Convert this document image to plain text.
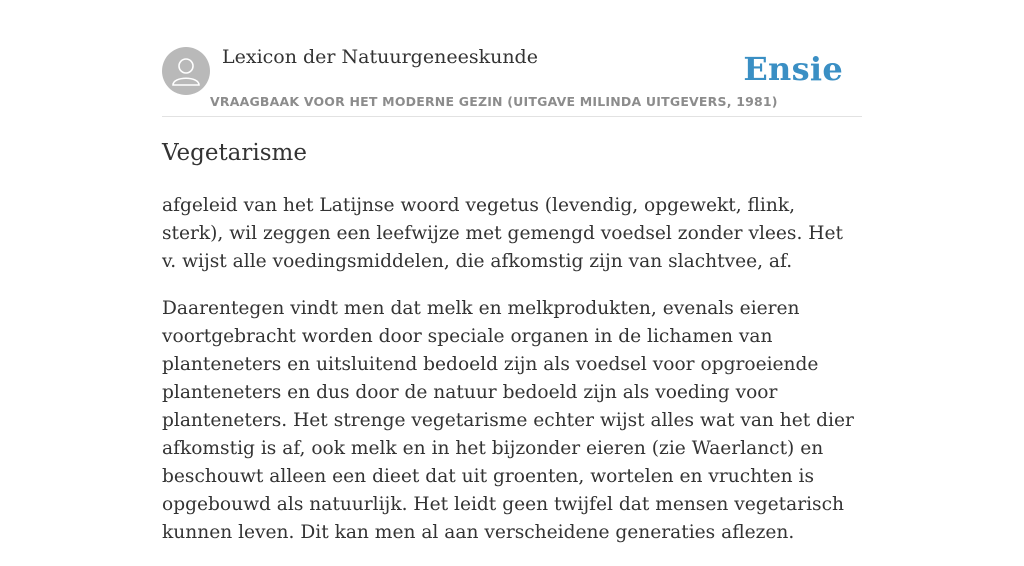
Lexicon der Natuurgeneeskunde
VRAAGBAAK VOOR HET MODERNE GEZIN (UITGAVE MILINDA UITGEVERS, 1981)
Ensie
Vegetarisme

afgeleid van het Latijnse woord vegetus (levendig, opgewekt, flink, sterk), wil zeggen een leefwijze met gemengd voedsel zonder vlees. Het v. wijst alle voedingsmiddelen, die afkomstig zijn van slachtvee, af.

Daarentegen vindt men dat melk en melkprodukten, evenals eieren voortgebracht worden door speciale organen in de lichamen van planteneters en uitsluitend bedoeld zijn als voedsel voor opgroeiende planteneters en dus door de natuur bedoeld zijn als voeding voor planteneters. Het strenge vegetarisme echter wijst alles wat van het dier afkomstig is af, ook melk en in het bijzonder eieren (zie Waerlanct) en beschouwt alleen een dieet dat uit groenten, wortelen en vruchten is opgebouwd als natuurlijk. Het leidt geen twijfel dat mensen vegetarisch kunnen leven. Dit kan men al aan verscheidene generaties aflezen.
